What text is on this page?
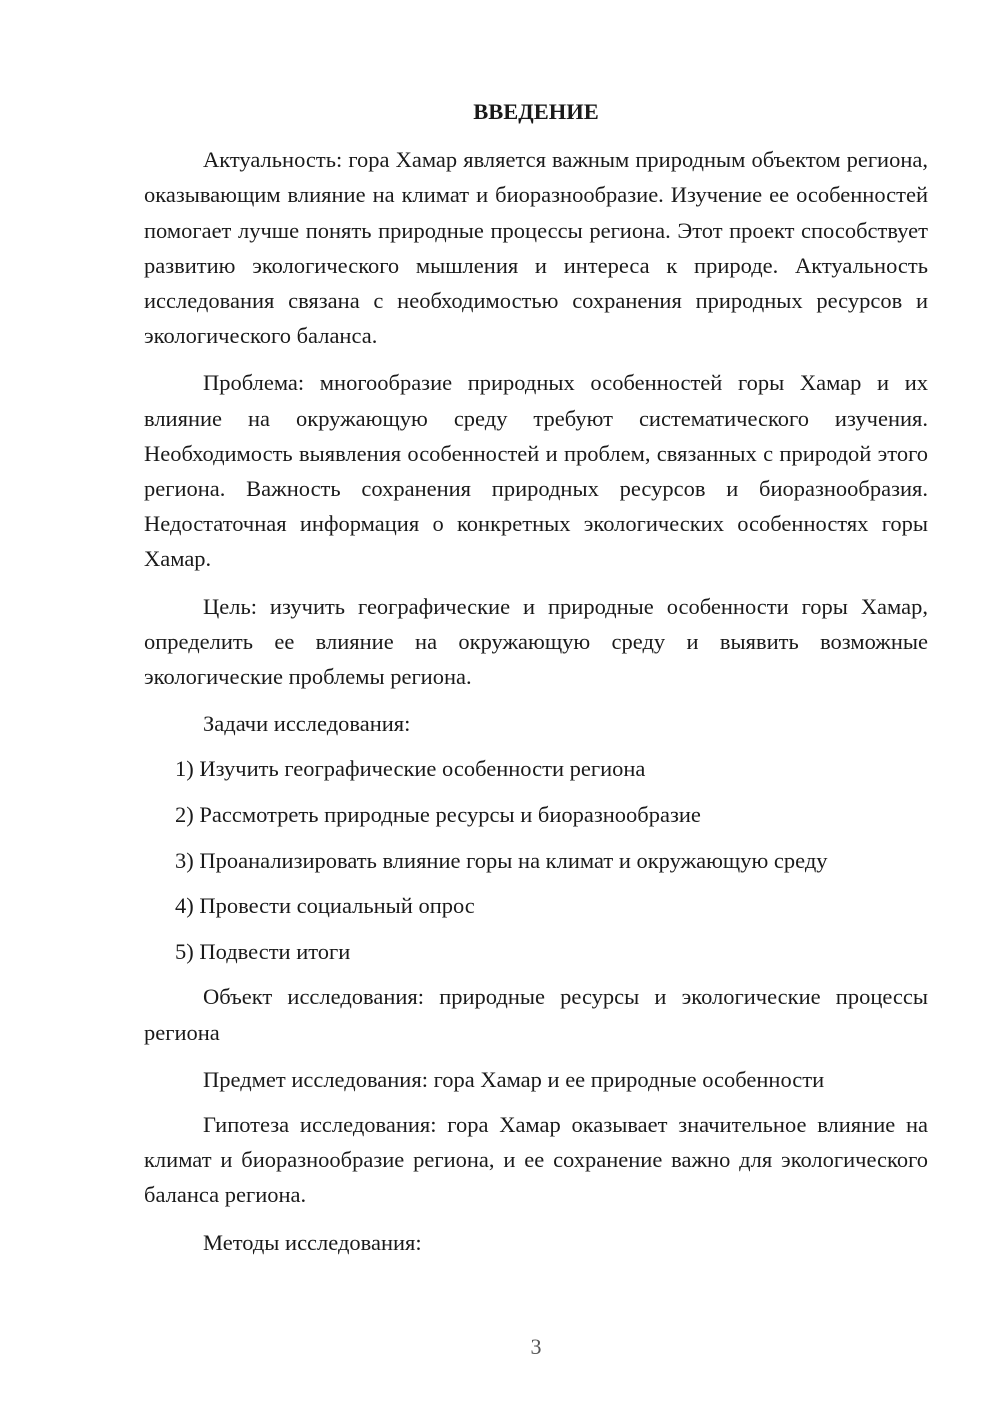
ВВЕДЕНИЕ

Актуальность: гора Хамар является важным природным объектом региона, оказывающим влияние на климат и биоразнообразие. Изучение ее особенностей помогает лучше понять природные процессы региона. Этот проект способствует развитию экологического мышления и интереса к природе. Актуальность исследования связана с необходимостью сохранения природных ресурсов и экологического баланса.

Проблема: многообразие природных особенностей горы Хамар и их влияние на окружающую среду требуют систематического изучения. Необходимость выявления особенностей и проблем, связанных с природой этого региона. Важность сохранения природных ресурсов и биоразнообразия. Недостаточная информация о конкретных экологических особенностях горы Хамар.

Цель: изучить географические и природные особенности горы Хамар, определить ее влияние на окружающую среду и выявить возможные экологические проблемы региона.

Задачи исследования:

1) Изучить географические особенности региона
2) Рассмотреть природные ресурсы и биоразнообразие
3) Проанализировать влияние горы на климат и окружающую среду
4) Провести социальный опрос
5) Подвести итоги

Объект исследования: природные ресурсы и экологические процессы региона

Предмет исследования: гора Хамар и ее природные особенности

Гипотеза исследования: гора Хамар оказывает значительное влияние на климат и биоразнообразие региона, и ее сохранение важно для экологического баланса региона.

Методы исследования:

3
